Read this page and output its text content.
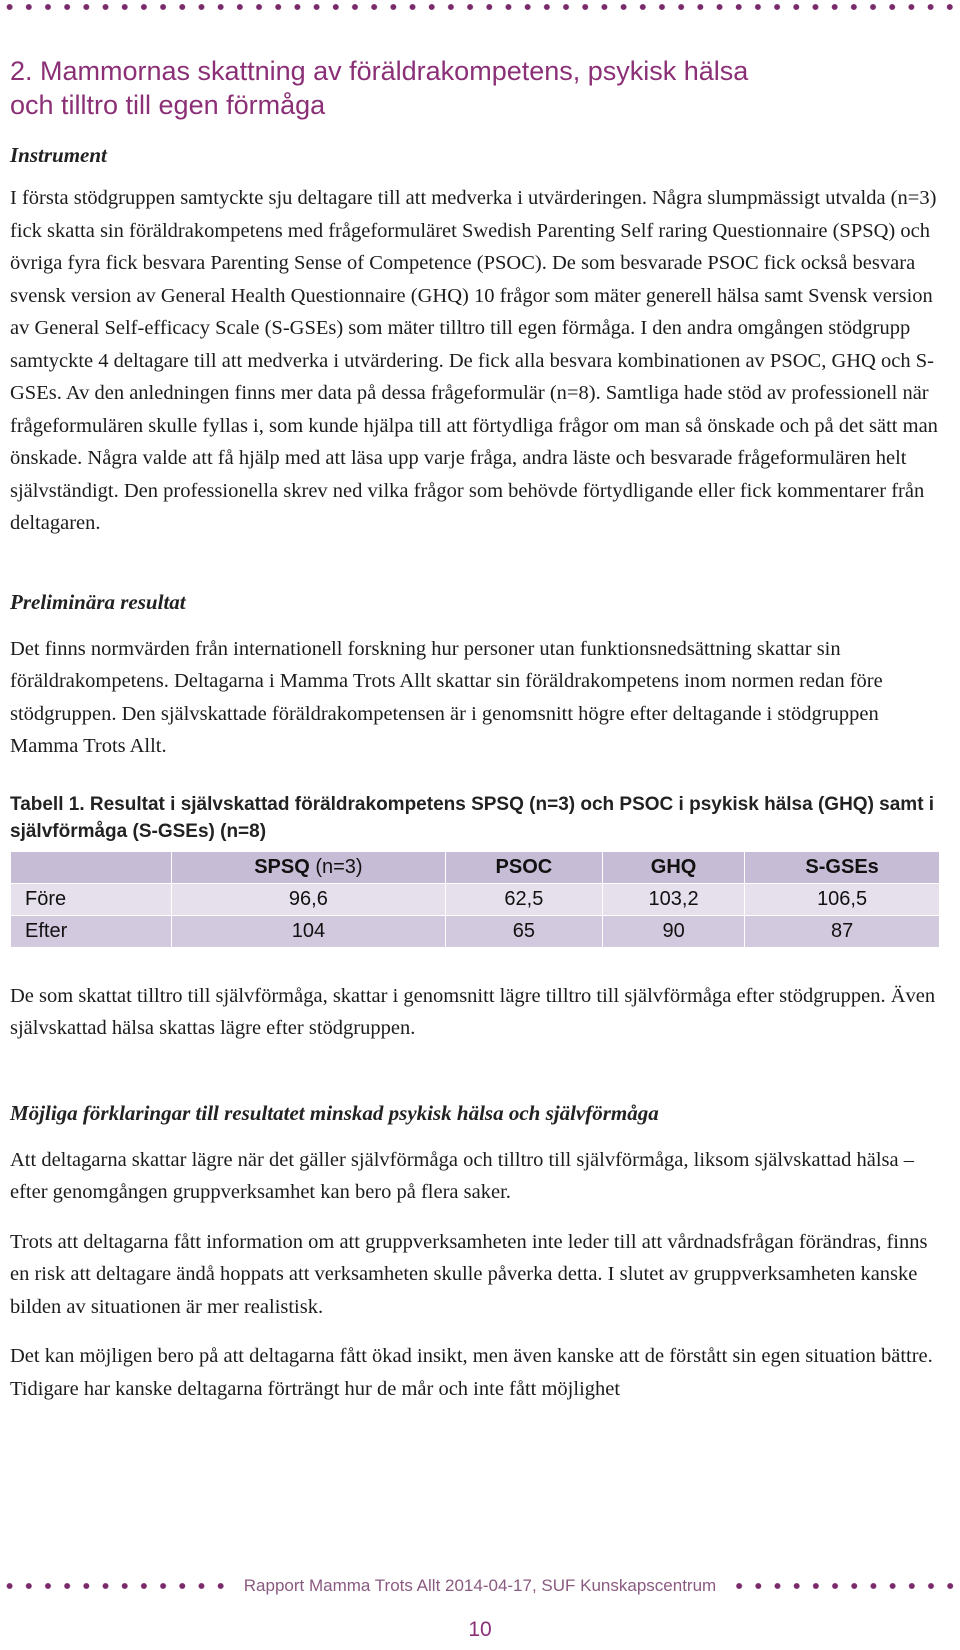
2. Mammornas skattning av föräldrakompetens, psykisk hälsa
och tilltro till egen förmåga
Instrument

I första stödgruppen samtyckte sju deltagare till att medverka i utvärderingen. Några slumpmässigt utvalda (n=3) fick skatta sin föräldrakompetens med frågeformuläret Swedish Parenting Self raring Questionnaire (SPSQ) och övriga fyra fick besvara Parenting Sense of Competence (PSOC). De som besvarade PSOC fick också besvara svensk version av General Health Questionnaire (GHQ) 10 frågor som mäter generell hälsa samt Svensk version av General Self-efficacy Scale (S-GSEs) som mäter tilltro till egen förmåga. I den andra omgången stödgrupp samtyckte 4 deltagare till att medverka i utvärdering. De fick alla besvara kombinationen av PSOC, GHQ och S-GSEs. Av den anledningen finns mer data på dessa frågeformulär (n=8). Samtliga hade stöd av professionell när frågeformulären skulle fyllas i, som kunde hjälpa till att förtydliga frågor om man så önskade och på det sätt man önskade. Några valde att få hjälp med att läsa upp varje fråga, andra läste och besvarade frågeformulären helt självständigt. Den professionella skrev ned vilka frågor som behövde förtydligande eller fick kommentarer från deltagaren.

Preliminära resultat

Det finns normvärden från internationell forskning hur personer utan funktionsnedsättning skattar sin föräldrakompetens. Deltagarna i Mamma Trots Allt skattar sin föräldrakompetens inom normen redan före stödgruppen. Den självskattade föräldrakompetensen är i genomsnitt högre efter deltagande i stödgruppen Mamma Trots Allt.

Tabell 1. Resultat i självskattad föräldrakompetens SPSQ (n=3) och PSOC i psykisk hälsa (GHQ) samt i
självförmåga (S-GSEs) (n=8)
	SPSQ (n=3)	PSOC	GHQ	S-GSEs
Före	96,6	62,5	103,2	106,5
Efter	104	65	90	87

De som skattat tilltro till självförmåga, skattar i genomsnitt lägre tilltro till självförmåga efter stödgruppen. Även självskattad hälsa skattas lägre efter stödgruppen.

Möjliga förklaringar till resultatet minskad psykisk hälsa och självförmåga

Att deltagarna skattar lägre när det gäller självförmåga och tilltro till självförmåga, liksom självskattad hälsa – efter genomgången gruppverksamhet kan bero på flera saker.

Trots att deltagarna fått information om att gruppverksamheten inte leder till att vårdnadsfrågan förändras, finns en risk att deltagare ändå hoppats att verksamheten skulle påverka detta. I slutet av gruppverksamheten kanske bilden av situationen är mer realistisk.

Det kan möjligen bero på att deltagarna fått ökad insikt, men även kanske att de förstått sin egen situation bättre. Tidigare har kanske deltagarna förträngt hur de mår och inte fått möjlighet

Rapport Mamma Trots Allt 2014-04-17, SUF Kunskapscentrum
10
